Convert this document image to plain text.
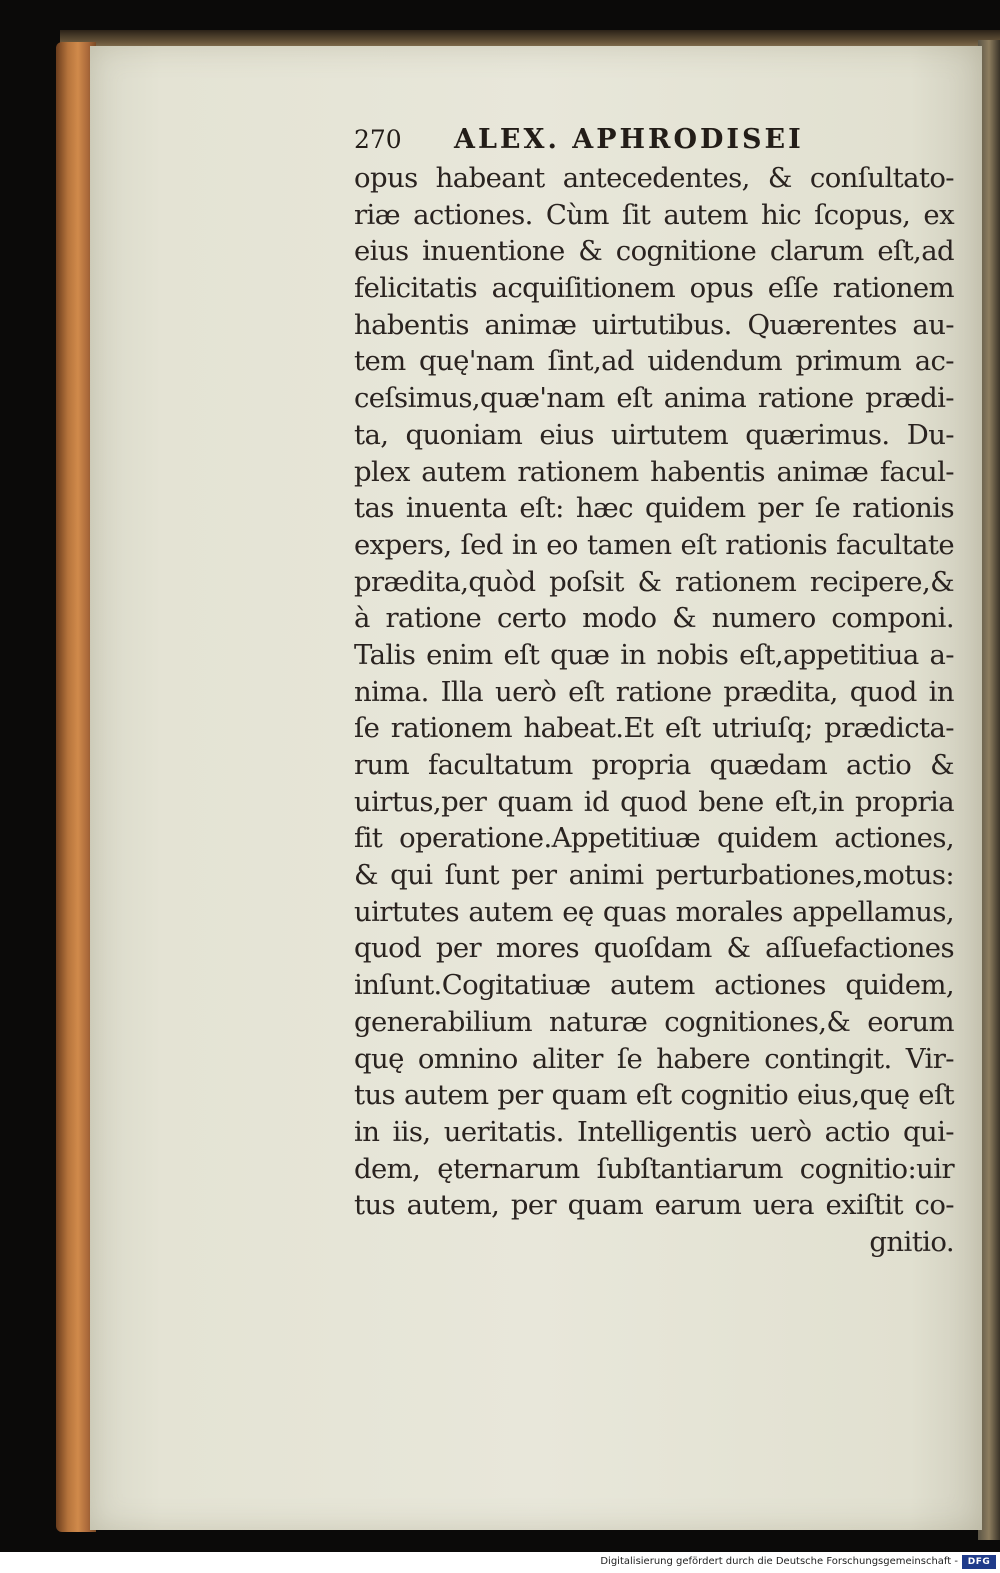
270	ALEX. APHRODISEI
opus habeant antecedentes, & conſultato-
riæ actiones. Cùm ſit autem hic ſcopus, ex
eius inuentione & cognitione clarum eſt,ad
felicitatis acquiſitionem opus eſſe rationem
habentis animæ uirtutibus. Quærentes au-
tem quę'nam ſint,ad uidendum primum ac-
ceſsimus,quæ'nam eſt anima ratione prædi-
ta, quoniam eius uirtutem quærimus. Du-
plex autem rationem habentis animæ facul-
tas inuenta eſt: hæc quidem per ſe rationis
expers, ſed in eo tamen eſt rationis facultate
prædita,quòd poſsit & rationem recipere,&
à ratione certo modo & numero componi.
Talis enim eſt quæ in nobis eſt,appetitiua a-
nima. Illa uerò eſt ratione prædita, quod in
ſe rationem habeat.Et eſt utriuſq; prædicta-
rum facultatum propria quædam actio &
uirtus,per quam id quod bene eſt,in propria
fit operatione.Appetitiuæ quidem actiones,
& qui ſunt per animi perturbationes,motus:
uirtutes autem eę quas morales appellamus,
quod per mores quoſdam & aſſuefactiones
inſunt.Cogitatiuæ autem actiones quidem,
generabilium naturæ cognitiones,& eorum
quę omnino aliter ſe habere contingit. Vir-
tus autem per quam eſt cognitio eius,quę eſt
in iis, ueritatis. Intelligentis uerò actio qui-
dem, ęternarum ſubſtantiarum cognitio:uir
tus autem, per quam earum uera exiſtit co-
gnitio.
Digitalisierung gefördert durch die Deutsche Forschungsgemeinschaft -	DFG
